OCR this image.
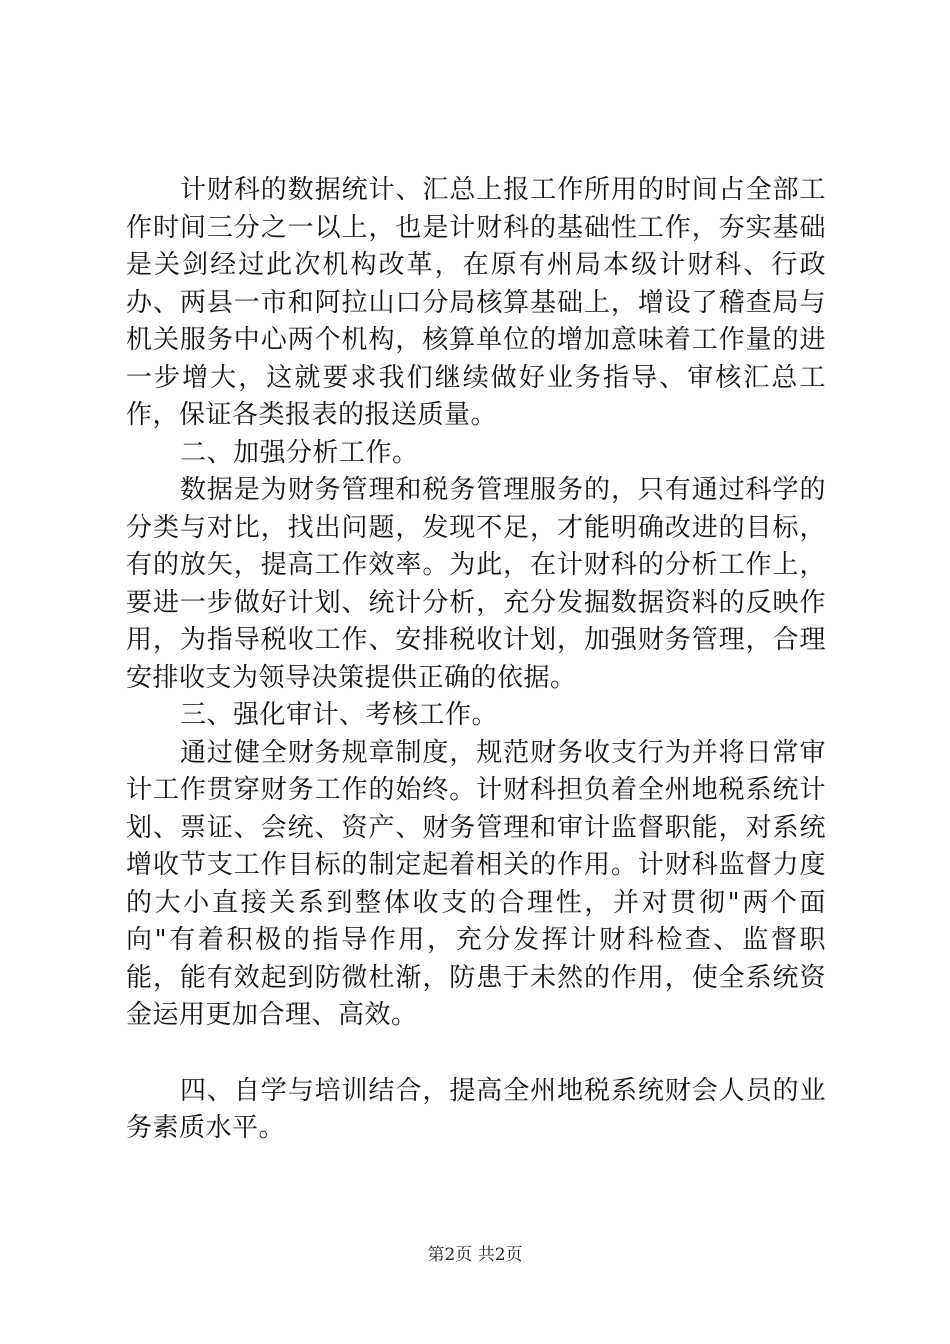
计财科的数据统计、汇总上报工作所用的时间占全部工作时间三分之一以上，也是计财科的基础性工作，夯实基础是关剑经过此次机构改革，在原有州局本级计财科、行政办、两县一市和阿拉山口分局核算基础上，增设了稽查局与机关服务中心两个机构，核算单位的增加意味着工作量的进一步增大，这就要求我们继续做好业务指导、审核汇总工作，保证各类报表的报送质量。

二、加强分析工作。

数据是为财务管理和税务管理服务的，只有通过科学的分类与对比，找出问题，发现不足，才能明确改进的目标，有的放矢，提高工作效率。为此，在计财科的分析工作上，要进一步做好计划、统计分析，充分发掘数据资料的反映作用，为指导税收工作、安排税收计划，加强财务管理，合理安排收支为领导决策提供正确的依据。

三、强化审计、考核工作。

通过健全财务规章制度，规范财务收支行为并将日常审计工作贯穿财务工作的始终。计财科担负着全州地税系统计划、票证、会统、资产、财务管理和审计监督职能，对系统增收节支工作目标的制定起着相关的作用。计财科监督力度的大小直接关系到整体收支的合理性，并对贯彻"两个面向"有着积极的指导作用，充分发挥计财科检查、监督职能，能有效起到防微杜渐，防患于未然的作用，使全系统资金运用更加合理、高效。

四、自学与培训结合，提高全州地税系统财会人员的业务素质水平。

第2页 共2页
